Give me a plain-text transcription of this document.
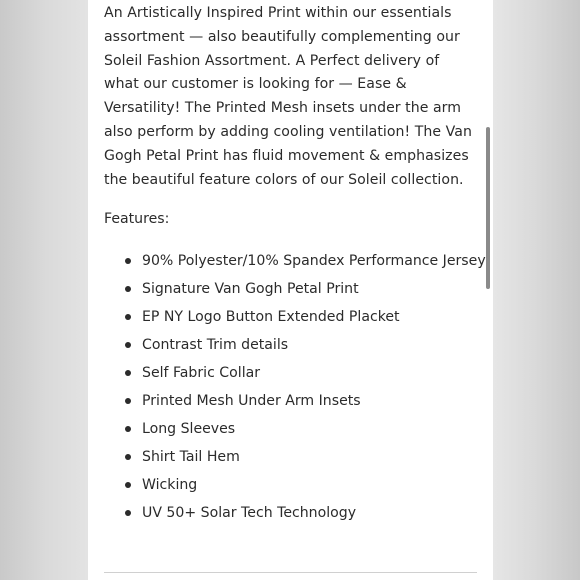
An Artistically Inspired Print within our essentials assortment — also beautifully complementing our Soleil Fashion Assortment. A Perfect delivery of what our customer is looking for — Ease & Versatility! The Printed Mesh insets under the arm also perform by adding cooling ventilation! The Van Gogh Petal Print has fluid movement & emphasizes the beautiful feature colors of our Soleil collection.

Features:

90% Polyester/10% Spandex Performance Jersey
Signature Van Gogh Petal Print
EP NY Logo Button Extended Placket
Contrast Trim details
Self Fabric Collar
Printed Mesh Under Arm Insets
Long Sleeves
Shirt Tail Hem
Wicking
UV 50+ Solar Tech Technology
